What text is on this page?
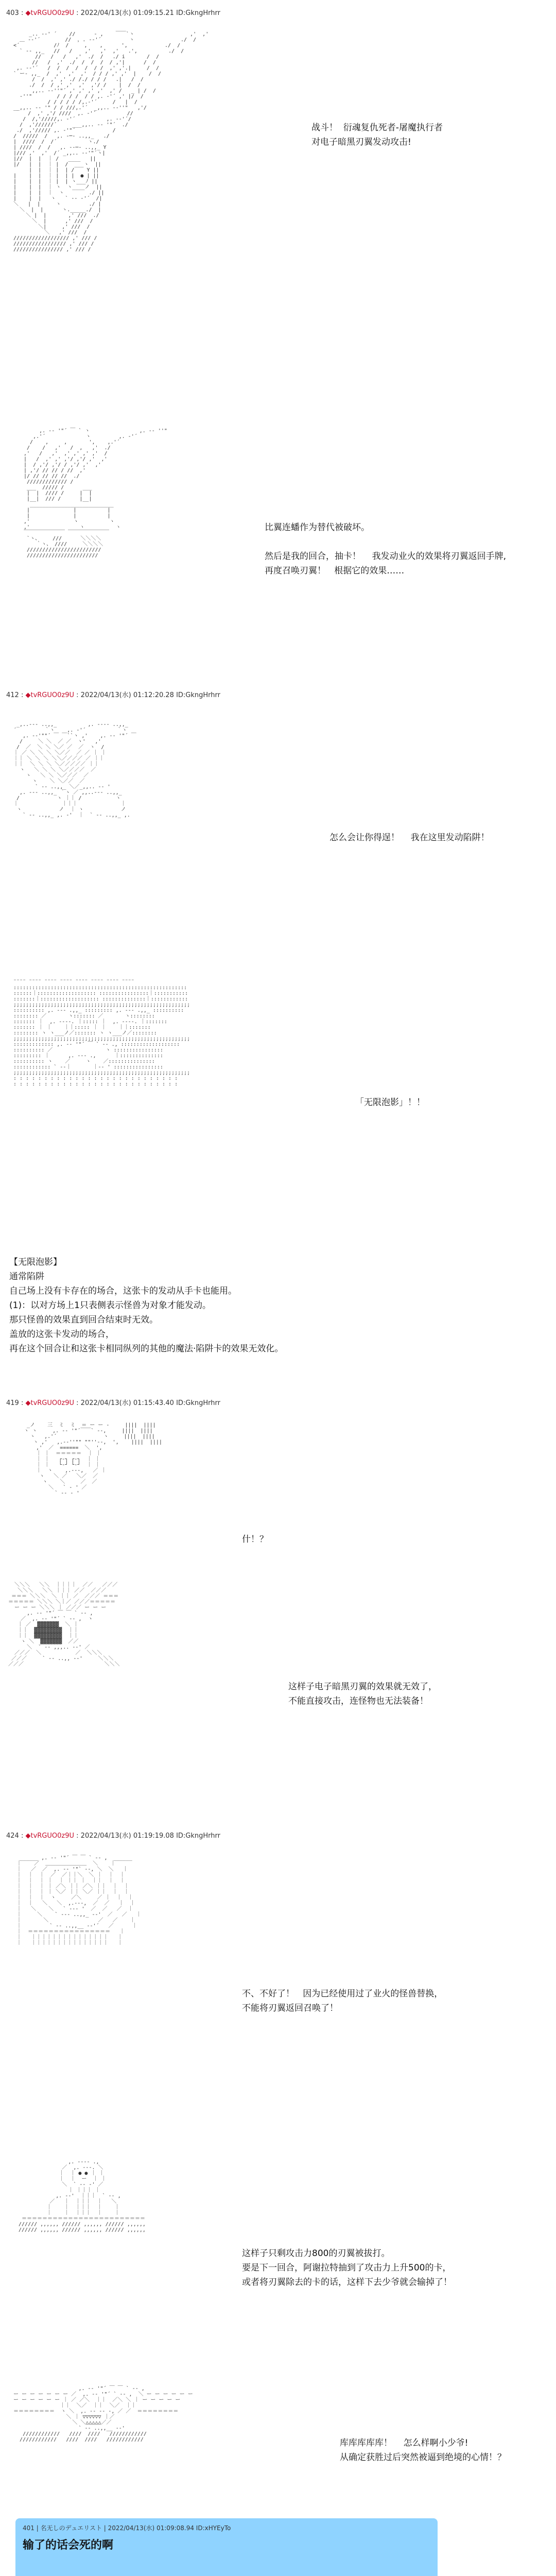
403 : ◆tvRGUO0z9U : 2022/04/13(水) 01:09:15.21 ID:GkngHrhrr

_.. -‐' ´    //      ‐ ,    ￣￣`ヽ                  ,'  ,'
＿ -‐'´        //  ，. -‐'´         ヽ               ./  /
<´           /ﾉ  /     ,    ,      ',            ./  /
` ‐- ,,_   //   /    ,'   ,'  ,'   .',          ./  /
//   /   /   ,'  ./  /   ./ i       /  /
//   /  ,'  ./  /  /  /  / ,'|      /  /
,. -‐'´   /  /  /  /  /  / /  ,' ,'.|     /  /
` ー- ,,_  /  ,'  ,'  ,'  / / / ,' ,'  |    /  /
/  /  ,' ,' ./ /./ / / /   .|   /  /
./  /  / ,' ,'  ,'  ,'/ /    |  /  /
,,.. -‐''"´ ,' ,' ,' ,'  ,' /   _ | /  /
‐''"        / / / /  / / ,. ‐'´ ,' |/  /
/ / / / / /,.‐'´     /   |  /
_,,.. -‐ '" / / ///,.'´  _,,.. -‐''"   ,'/
￣   /  ,' ,'/ ////  ,. ‐'´          //
/  /,'/////,. ‐'´          ,. -‐'´/
/  ,'//////´     ___,,.. -‐ '"´  ./
./  ,'///// ,. ‐'"´            /
/  /////  /   ,. -─- ..,,_   ./
|  ////  /  /´          ヽ./
| ////  /  /   ,. -‐─- ..,,_ Y
|/// ,'  ,'  /´ _,,.. -‐'"´ヽ|
|//  |  |  ｜ /   ____   ||
|/   |  |  ｜ |  /  ___ヽ  ||
|  |  ｜ |  | /    Y ||
|    |  |  ｜ |  | |  ● | ||
|    |  |  ｜ |  | ヽ___ﾉ ||
|    |  |  ｜ ヽ  ヽ____ノ  ||
|    |  |  ｜  ヽ        ./ ||
|    |  |   ヽ   ` ‐- ‐'´  /|
＼   |  |     ヽ         ./ |
＼  |  |      ヽ._____./  |
＼ |  |       ,' ///  ./
＼  |      ,' ///  /
＼|     ,' ///  /
＼   ,' ///  /
////////////////// ,' /// /
///////////////// ,' /// /
//////////////// ,' /// /

战斗！  衍魂复仇死者-屠魔执行者
对电子暗黑刃翼发动攻击!

,. -‐ '"´ ￣ ` ヽ                ,. -‐ ''"
,.'´             ヽ         ,. ‐'´
/    ,     ,       ',    ,.'´
/    /   ,'   /  ,   ,'  ./
,'   /   ,'  ,' ,' ,' ,'  /
|   /  ,' ,' ,'/ ,'/ ,'  ,'
|  / ,'/ ,'/ / ,'/ ,'  ,'
| ,'/ // // / //  ,'
|/ // // // //  ./
///////////// /
___  ///// /      ___
|  |  //// /     |  |
|__|  /// /      |__|
___________________________
|              |          |
|              |          |
,'              ヽ          ヽ
,'                ヽ          ヽ
￣￣￣￣￣￣￣￣ ￣￣￣￣￣￣￣￣
`ヽ、    ///      ＼＼＼＼
｀ヽ、 ////     ＼＼＼＼
////////////////////////
///////////////////////

比翼连蟠作为替代被破坏。

然后是我的回合，抽卡！    我发动业火的效果将刃翼返回手牌,
再度召唤刃翼！   根据它的效果……
412 : ◆tvRGUO0z9U : 2022/04/13(水) 01:12:20.28 ID:GkngHrhrr

_,..-‐- ..,,_          ,. -‐‐- ..,,_
´         ｀ヽ    ,. ‐'´          ｀ヽ
,. -‐'""´ ￣ ￣``ヽ ,'    ,. -‐ '"´ ￣
/     ＼ ＼  ／ ／  ヽ'   ,'
/  ／  ＼ ＼ ＼／ ／  ／  ヽ  /
｜ ／ ＼ ＼ ＼ ＼／／  ／ ／ ｜ ｜
｜｜ ＼ ＼ ＼ ＼＼／／／／ ／ ｜｜
｜｜  ＼ ＼ ＼ ＼／／／／／ ｜｜
ヽ   ＼ ＼ ＼ ＼／／／／  ／
ヽ   ＼ ＼ ＼／／／  ／
ヽ    ＼ ＼／／  ／
` ‐- ..,,_ ＼／_,,.. -‐ '
,. -‐- ..,,_ ｀ヽ ／ ,,..-‐- ..,,_
/            ヽ ｜｜ /           ヽ
｜              ｜｜｜              ｜
ヽ            ノ  ｜ ヽ            ノ
` ‐- ..,,_ ,. ‐'  ｜  ` ‐- ..,,_ ,.

怎么会让你得逞！    我在这里发动陷阱！

¨¨¨¨ ¨¨¨¨ ¨¨¨¨ ¨¨¨¨ ¨¨¨¨ ¨¨¨¨ ¨¨¨¨ ¨¨¨¨
::::::::::::::::::::::::::::::::::::::::::::::::::::::::
::::::｜::::::::::::::::::: ::::::::::::::::｜:::::::::::
:::::::｜::::::::::::::::::: ::::::::::::::｜::::::::::::
;;;;;;;;;;;;;;;;;;;;;;;;;;;;;;;;;;;;;;;;;;;;;;;;;;;;;;;;;
:::::::::: ,. -‐- .,,_ ::::::::: ,. -‐- .,,_ ::::::::::
:::::::: ／       ヽ::::::: ／       ヽ::::::::
::::::: ｜  ,. -‐‐-. ｜::::: ｜  ,. -‐‐-. ｜:::::::
::::::: ｜ ｜    ｜｜::::: ｜ ｜    ｜｜:::::::
:::::::: ヽ ヽ___ノ／::::::: ヽ ヽ___ノ／::::::::
;;;;;;;;;;;;;;;;;;;;;;;;;;;;;;;;;;;;;;;;;;;;;;;;;;;;;;;;;
::::::::::::: ,. -‐ '"´ ￣ ` ‐- ., :::::::::::::::::::
:::::::::: ／                 ヽ ::::::::::::::::
::::::::: ｜      ,. -‐- .,      ｜::::::::::::::
:::::::::: ヽ    ／     ヽ    ／:::::::::::::::
:::::::::::: ` ‐-｜       ｜-‐ ' ::::::::::::::::
;;;;;;;;;;;;;;;;;;;;;;;;;;;;;;;;;;;;;;;;;;;;;;;;;;;;;;;;;
: : : : : : : : : : : : : : : : : : : : : : : : : : :
: : : : : : : : : : : : : : : : : : : : : : : : : : :

「无限泡影」！！
【无限泡影】
通常陷阱
自己场上没有卡存在的场合，这张卡的发动从手卡也能用。
(1)：以对方场上1只表侧表示怪兽为对象才能发动。
那只怪兽的效果直到回合结束时无效。
盖放的这张卡发动的场合，
再在这个回合让和这张卡相同纵列的其他的魔法·陷阱卡的效果无效化。
419 : ◆tvRGUO0z9U : 2022/04/13(水) 01:15:43.40 ID:GkngHrhrr

_ノ    三  ミ  ミ  ＝ ー ー ‐     ||||  ||||
ヽ ヽ     ,. -‐ '"´￣￣` ‐-,     ||||  ||||
ヽ   ,.'´               ヽ     ||||  ||||
ヽ ,'   ,.-‐''"" ""''‐-,  ',    ||||  ||||
,'  ／  ======  ＼  ',
｜ ｜  ＝＝＝＝＝  ｜ ｜
｜ ｜   ┌‐┐ ┌‐┐  ｜ ｜
｜ ｜   └‐┘ └‐┘  ｜ ｜
｜  ヽ    ,.-‐-,   ／ ｜
ヽ   ＼ ／   ＼／  ／
ヽ    ＼     ／  ／
＼   ` ‐ ' ／
` ‐- ‐ '

什！？

＼＼＼   ＼＼  ｜｜｜｜  ／／   ／／／
＼＼＼   ＼＼ ｜｜｜ ／／  ／／／
＝＝＝ ＼＼＼  ＼ ｜｜ ／  ／／／ ＝＝＝
＝＝＝＝＝ ＼＼＼ ＼｜／ ／／／＝＝＝＝＝
ー ー ー ＼＼＼ ｜ ／／／ ー ー ー
,. -‐ '"´ ￣ ￣ ` ‐- ,
／  ,. -‐ '"´ ` ‐- ,  ヽ
｜ ／  ▓▓▓▓▓▓▓  ＼ ｜
｜｜  ▓▓▓▓▓▓▓▓▓  ｜｜
｜｜  ▓▓▓▓▓▓▓▓▓  ｜｜
ヽ ＼  ▓▓▓▓▓▓▓  ／／
＼  ` ‐- ,,,.. -‐' ／
／／／  ＼           ／  ＼＼＼
／／／     ` ‐- ..,, -‐'     ＼＼＼
／／／                          ＼＼＼

这样子电子暗黑刃翼的效果就无效了，
不能直接攻击，连怪物也无法装备！
424 : ◆tvRGUO0z9U : 2022/04/13(水) 01:19:19.08 ID:GkngHrhrr

______ ,. -‐ '"´ ￣ ￣ ` ‐- ,  ______
｜    ／  ＿＿＿＿＿＿＿＿  ＼    ｜
｜   ／  ／  ,. -‐ '"` ‐-, ＼  ＼   ｜
｜  ｜  ｜  ／  ／｜｜＼  ＼ ｜  ｜  ｜
｜  ｜  ｜ ｜  ｜ ｜｜ ｜  ｜｜  ｜  ｜
｜  ｜  ｜ ｜ ／＼ ｜｜ ／＼ ｜｜  ｜  ｜
｜  ｜  ｜ ｜ ＼／ ｜｜ ＼／ ｜｜  ｜  ｜
｜  ｜  ｜  ヽ     ／＼     ／ ｜  ｜  ｜
｜  ｜   ＼   ＼  ,.-‐-,  ／  ／   ｜  ｜
｜   ＼    ＼   ` ‐-‐ '  ／  ／   ／  ｜
｜     ＼    ` ‐-- ..,,_ -‐'  ／   ／   ｜
｜       ＼                ／   ／    ｜
｜         ` ‐- ..,,__ -‐'´   ／      ｜
｜  ＝＝＝＝＝＝＝＝＝＝＝＝＝＝＝＝   ｜
｜   ｜｜｜｜｜｜｜｜｜｜｜｜｜｜｜   ｜
｜   ｜｜｜｜｜｜｜｜｜｜｜｜｜｜｜   ｜

不、不好了！   因为已经使用过了业火的怪兽替换，
不能将刃翼返回召唤了！

,. -‐‐- .,
／  ,. -‐-. ＼
｜  ｜ ● ● ｜ ｜
｜  ｜  ー  ｜ ｜
＼  ` ‐- ‐' ／
｜ ｜｜｜ ｜
,. -‐'  ｜｜｜  ` ‐- ,
／   ｜  ｜｜｜  ｜   ＼
｜    ｜  ｜｜｜  ｜    ｜
｜    ｜  ｜｜｜  ｜    ｜
＝＝＝＝＝＝＝＝＝＝＝＝＝＝＝＝＝＝＝＝＝＝＝＝
////// ,,,,,, ////// ,,,,,, ////// ,,,,,,
////// ,,,,,, ////// ,,,,,, ////// ,,,,,,

这样子只剩攻击力800的刃翼被拔打。
要是下一回合，阿谢拉特抽到了攻击力上升500的卡，
或者将刃翼除去的卡的话，这样下去少爷就会输掉了！

,. -‐ '"´ ￣ ￣ ` ‐- ,
ー ー ー ー ー ー ー ／  ,. -‐ '"´ ` ‐- ,  ＼ ー ー ー ー ー ー
ー ー ー ー ー ー ｜ ／ ／＼  ｜｜  ／＼ ＼ ｜ ー ー ー ー ー
｜｜  ＼／  ｜｜  ＼／  ｜｜
＝＝＝＝＝＝＝＝  ヽ ＼  ,. -‐ -‐ -, ／ ／  ＝＝＝＝＝＝＝＝
＼ ｜ ▽▽▽▽▽▽ ｜／
＼ ＼△△△△△／／
` ‐- ..,,__ -‐'
////////////   ////  ////   ////////////
////////////   ////  ////   ////////////	库库库库库！    怎么样啊小少爷!
从确定获胜过后突然被逼到绝境的心情！？
401 | 名无しのデュエリスト | 2022/04/13(水) 01:09:08.94 ID:xHYEyTo
输了的话会死的啊
